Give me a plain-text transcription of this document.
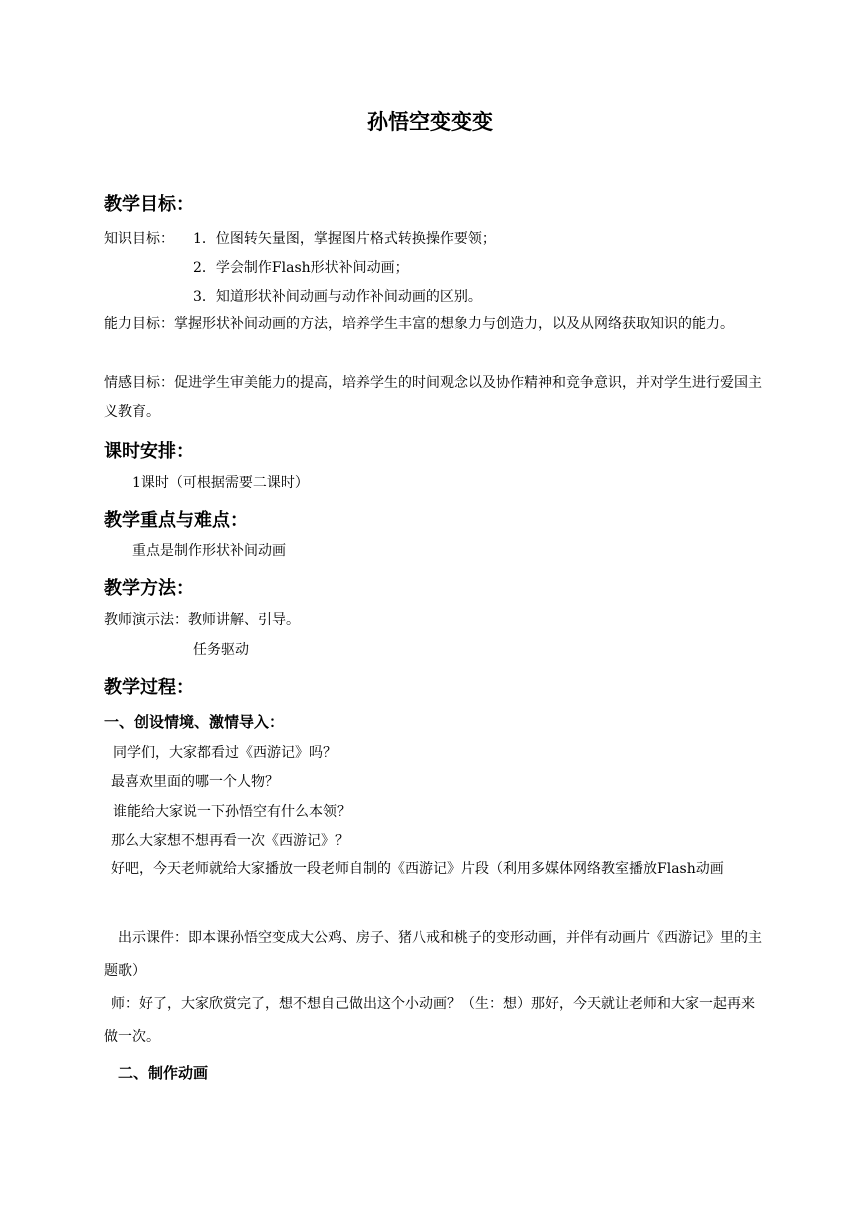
孙悟空变变变
教学目标：
知识目标： 1．位图转矢量图，掌握图片格式转换操作要领；
2．学会制作Flash形状补间动画；
3．知道形状补间动画与动作补间动画的区别。
能力目标：掌握形状补间动画的方法，培养学生丰富的想象力与创造力，以及从网络获取知识的能力。
情感目标：促进学生审美能力的提高，培养学生的时间观念以及协作精神和竞争意识，并对学生进行爱国主义教育。
课时安排：
1课时（可根据需要二课时）
教学重点与难点：
重点是制作形状补间动画
教学方法：
教师演示法：教师讲解、引导。
任务驱动
教学过程：
一、创设情境、激情导入：
同学们，大家都看过《西游记》吗？
最喜欢里面的哪一个人物？
谁能给大家说一下孙悟空有什么本领？
那么大家想不想再看一次《西游记》？
好吧，今天老师就给大家播放一段老师自制的《西游记》片段（利用多媒体网络教室播放Flash动画
出示课件：即本课孙悟空变成大公鸡、房子、猪八戒和桃子的变形动画，并伴有动画片《西游记》里的主题歌）
师：好了，大家欣赏完了，想不想自己做出这个小动画？（生：想）那好，今天就让老师和大家一起再来做一次。
二、制作动画
